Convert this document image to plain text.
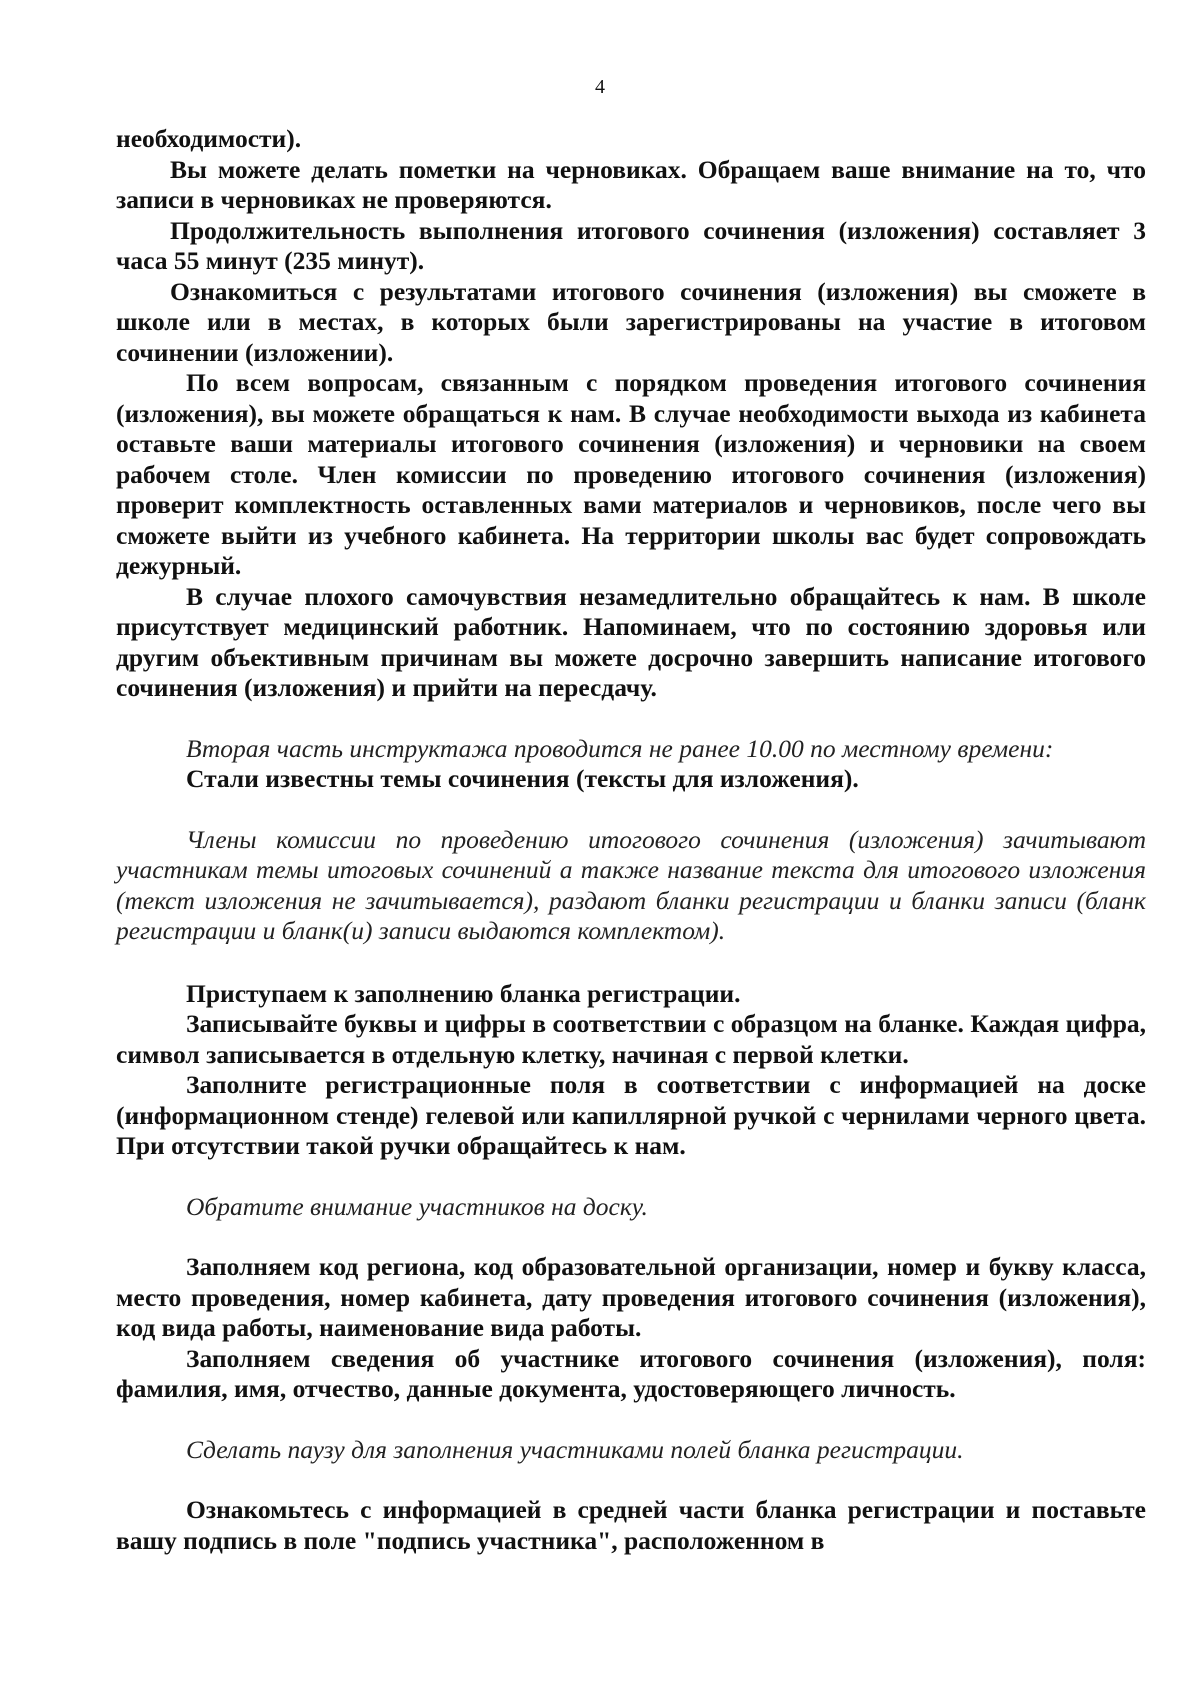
4

необходимости).

Вы можете делать пометки на черновиках. Обращаем ваше внимание на то, что записи в черновиках не проверяются.

Продолжительность выполнения итогового сочинения (изложения) составляет 3 часа 55 минут (235 минут).

Ознакомиться с результатами итогового сочинения (изложения) вы сможете в школе или в местах, в которых были зарегистрированы на участие в итоговом сочинении (изложении).

По всем вопросам, связанным с порядком проведения итогового сочинения (изложения), вы можете обращаться к нам. В случае необходимости выхода из кабинета оставьте ваши материалы итогового сочинения (изложения) и черновики на своем рабочем столе. Член комиссии по проведению итогового сочинения (изложения) проверит комплектность оставленных вами материалов и черновиков, после чего вы сможете выйти из учебного кабинета. На территории школы вас будет сопровождать дежурный.

В случае плохого самочувствия незамедлительно обращайтесь к нам. В школе присутствует медицинский работник. Напоминаем, что по состоянию здоровья или другим объективным причинам вы можете досрочно завершить написание итогового сочинения (изложения) и прийти на пересдачу.

Вторая часть инструктажа проводится не ранее 10.00 по местному времени:

Стали известны темы сочинения (тексты для изложения).

Члены комиссии по проведению итогового сочинения (изложения) зачитывают участникам темы итоговых сочинений а также название текста для итогового изложения (текст изложения не зачитывается), раздают бланки регистрации и бланки записи (бланк регистрации и бланк(и) записи выдаются комплектом).

Приступаем к заполнению бланка регистрации.

Записывайте буквы и цифры в соответствии с образцом на бланке. Каждая цифра, символ записывается в отдельную клетку, начиная с первой клетки.

Заполните регистрационные поля в соответствии с информацией на доске (информационном стенде) гелевой или капиллярной ручкой с чернилами черного цвета. При отсутствии такой ручки обращайтесь к нам.

Обратите внимание участников на доску.

Заполняем код региона, код образовательной организации, номер и букву класса, место проведения, номер кабинета, дату проведения итогового сочинения (изложения), код вида работы, наименование вида работы.

Заполняем сведения об участнике итогового сочинения (изложения), поля: фамилия, имя, отчество, данные документа, удостоверяющего личность.

Сделать паузу для заполнения участниками полей бланка регистрации.

Ознакомьтесь с информацией в средней части бланка регистрации и поставьте вашу подпись в поле "подпись участника", расположенном в
